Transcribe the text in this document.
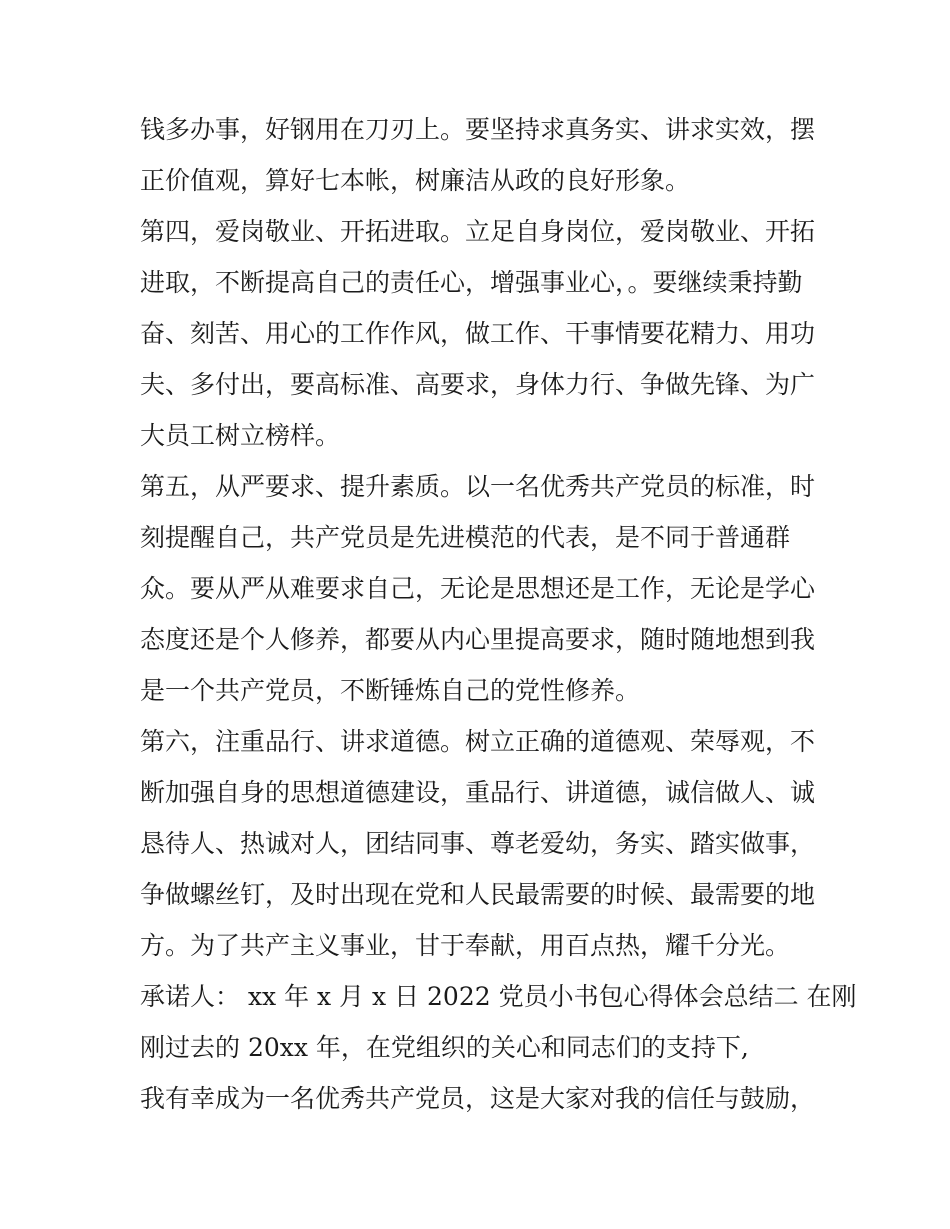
钱多办事，好钢用在刀刃上。要坚持求真务实、讲求实效，摆
正价值观，算好七本帐，树廉洁从政的良好形象。
第四，爱岗敬业、开拓进取。立足自身岗位，爱岗敬业、开拓
进取，不断提高自己的责任心，增强事业心，。要继续秉持勤
奋、刻苦、用心的工作作风，做工作、干事情要花精力、用功
夫、多付出，要高标准、高要求，身体力行、争做先锋、为广
大员工树立榜样。
第五，从严要求、提升素质。以一名优秀共产党员的标准，时
刻提醒自己，共产党员是先进模范的代表，是不同于普通群
众。要从严从难要求自己，无论是思想还是工作，无论是学心
态度还是个人修养，都要从内心里提高要求，随时随地想到我
是一个共产党员，不断锤炼自己的党性修养。
第六，注重品行、讲求道德。树立正确的道德观、荣辱观，不
断加强自身的思想道德建设，重品行、讲道德，诚信做人、诚
恳待人、热诚对人，团结同事、尊老爱幼，务实、踏实做事，
争做螺丝钉，及时出现在党和人民最需要的时候、最需要的地
方。为了共产主义事业，甘于奉献，用百点热，耀千分光。
承诺人： xx 年 x 月 x 日 2022 党员小书包心得体会总结二 在刚
刚过去的 20xx 年，在党组织的关心和同志们的支持下,
我有幸成为一名优秀共产党员，这是大家对我的信任与鼓励，
